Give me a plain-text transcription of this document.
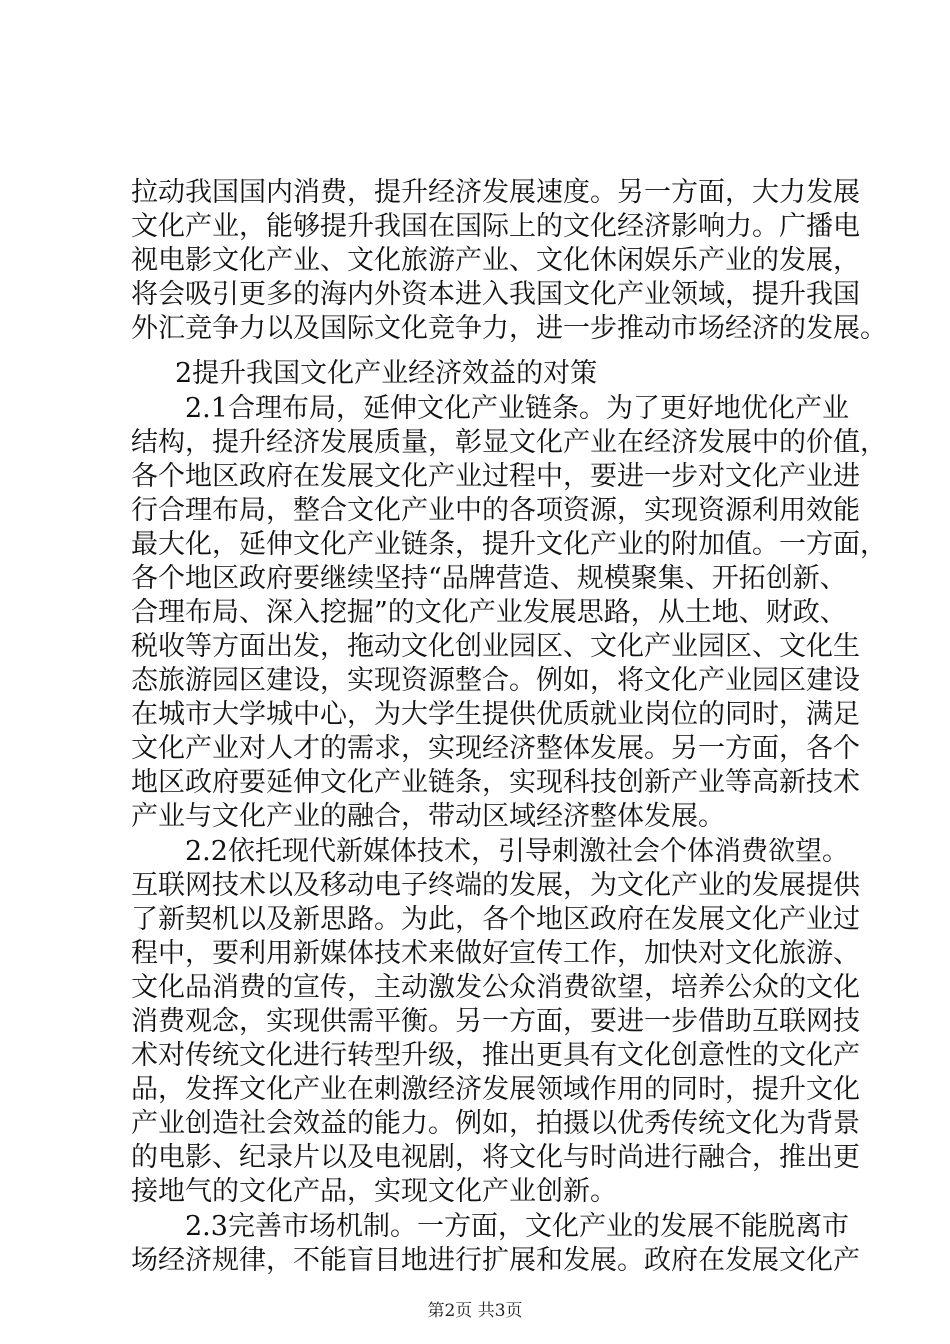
拉动我国国内消费，提升经济发展速度。另一方面，大力发展
文化产业，能够提升我国在国际上的文化经济影响力。广播电
视电影文化产业、文化旅游产业、文化休闲娱乐产业的发展，
将会吸引更多的海内外资本进入我国文化产业领域，提升我国
外汇竞争力以及国际文化竞争力，进一步推动市场经济的发展。
2提升我国文化产业经济效益的对策
2.1合理布局，延伸文化产业链条。为了更好地优化产业
结构，提升经济发展质量，彰显文化产业在经济发展中的价值，
各个地区政府在发展文化产业过程中，要进一步对文化产业进
行合理布局，整合文化产业中的各项资源，实现资源利用效能
最大化，延伸文化产业链条，提升文化产业的附加值。一方面，
各个地区政府要继续坚持“品牌营造、规模聚集、开拓创新、
合理布局、深入挖掘”的文化产业发展思路，从土地、财政、
税收等方面出发，拖动文化创业园区、文化产业园区、文化生
态旅游园区建设，实现资源整合。例如，将文化产业园区建设
在城市大学城中心，为大学生提供优质就业岗位的同时，满足
文化产业对人才的需求，实现经济整体发展。另一方面，各个
地区政府要延伸文化产业链条，实现科技创新产业等高新技术
产业与文化产业的融合，带动区域经济整体发展。
2.2依托现代新媒体技术，引导刺激社会个体消费欲望。
互联网技术以及移动电子终端的发展，为文化产业的发展提供
了新契机以及新思路。为此，各个地区政府在发展文化产业过
程中，要利用新媒体技术来做好宣传工作，加快对文化旅游、
文化品消费的宣传，主动激发公众消费欲望，培养公众的文化
消费观念，实现供需平衡。另一方面，要进一步借助互联网技
术对传统文化进行转型升级，推出更具有文化创意性的文化产
品，发挥文化产业在刺激经济发展领域作用的同时，提升文化
产业创造社会效益的能力。例如，拍摄以优秀传统文化为背景
的电影、纪录片以及电视剧，将文化与时尚进行融合，推出更
接地气的文化产品，实现文化产业创新。
2.3完善市场机制。一方面，文化产业的发展不能脱离市
场经济规律，不能盲目地进行扩展和发展。政府在发展文化产
第2页 共3页
